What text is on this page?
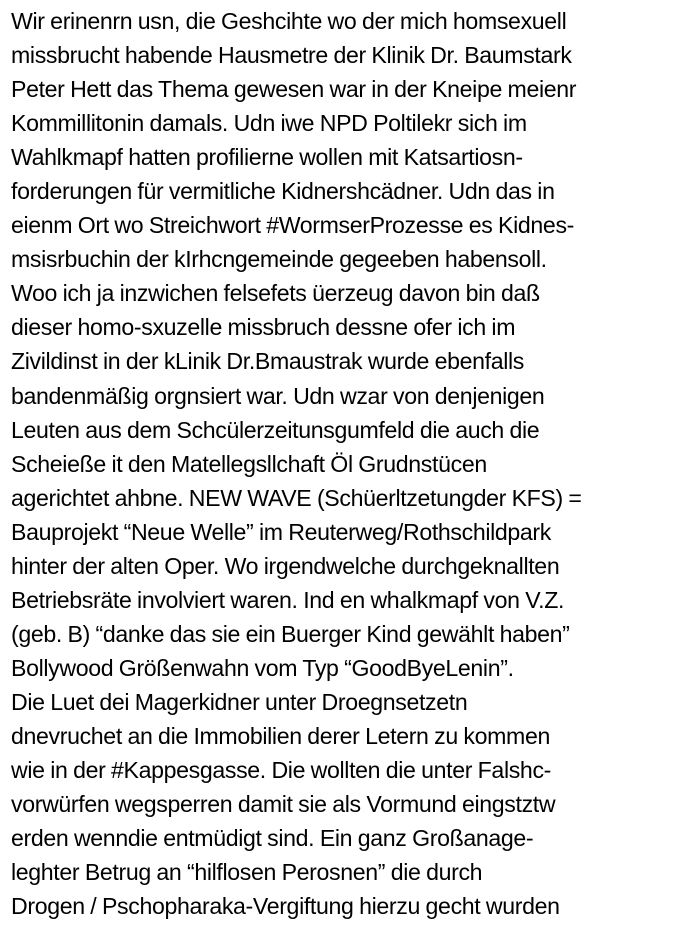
Wir erinenrn usn, die Geshcihte wo der mich homsexuell
missbrucht habende Hausmetre der Klinik Dr. Baumstark
Peter Hett das Thema gewesen war in der Kneipe meienr
Kommillitonin damals. Udn iwe NPD Poltilekr sich im
Wahlkmapf hatten profilierne wollen mit Katsartiosn-
forderungen für vermitliche Kidnershcädner. Udn das in
eienm Ort wo Streichwort #WormserProzesse es Kidnes-
msisrbuchin der kIrhcngemeinde gegeeben habensoll.
Woo ich ja inzwichen felsefets üerzeug davon bin daß
dieser homo-sxuzelle missbruch dessne ofer ich im
Zivildinst in der kLinik Dr.Bmaustrak wurde ebenfalls
bandenmäßig orgnsiert war. Udn wzar von denjenigen
Leuten aus dem Schcülerzeitunsgumfeld die auch die
Scheieße it den Matellegsllchaft Öl Grudnstücen
agerichtet ahbne. NEW WAVE (Schüerltzetungder KFS) =
Bauprojekt “Neue Welle” im Reuterweg/Rothschildpark
hinter der alten Oper. Wo irgendwelche durchgeknallten
Betriebsräte involviert waren. Ind en whalkmapf von V.Z.
(geb. B) “danke das sie ein Buerger Kind gewählt haben”
Bollywood Größenwahn vom Typ “GoodByeLenin”.
Die Luet dei Magerkidner unter Droegnsetzetn
dnevruchet an die Immobilien derer Letern zu kommen
wie in der #Kappesgasse. Die wollten die unter Falshc-
vorwürfen wegsperren damit sie als Vormund eingstztw
erden wenndie entmüdigt sind. Ein ganz Großanage-
leghter Betrug an “hilflosen Perosnen” die durch
Drogen / Pschopharaka-Vergiftung hierzu gecht wurden
